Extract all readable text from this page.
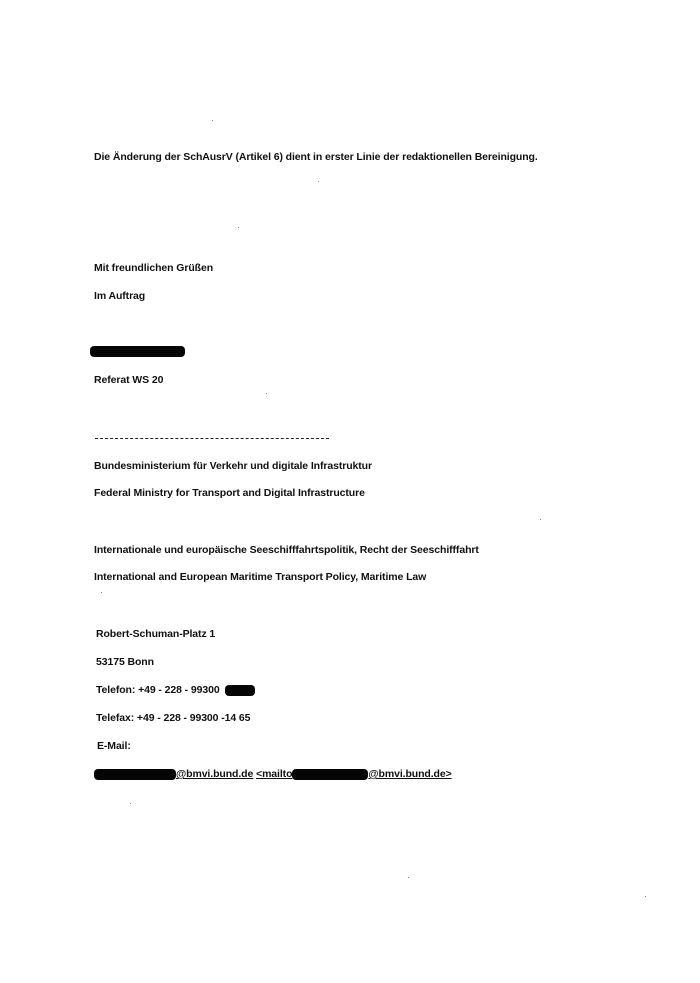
Die Änderung der SchAusrV (Artikel 6) dient in erster Linie der redaktionellen Bereinigung.
Mit freundlichen Grüßen
Im Auftrag
Referat WS 20
Bundesministerium für Verkehr und digitale Infrastruktur
Federal Ministry for Transport and Digital Infrastructure
Internationale und europäische Seeschifffahrtspolitik, Recht der Seeschifffahrt
International and European Maritime Transport Policy, Maritime Law
Robert-Schuman-Platz 1
53175 Bonn
Telefon: +49 - 228 - 99300
Telefax: +49 - 228 - 99300 -14 65
E-Mail:
@bmvi.bund.de <mailto	@bmvi.bund.de>
